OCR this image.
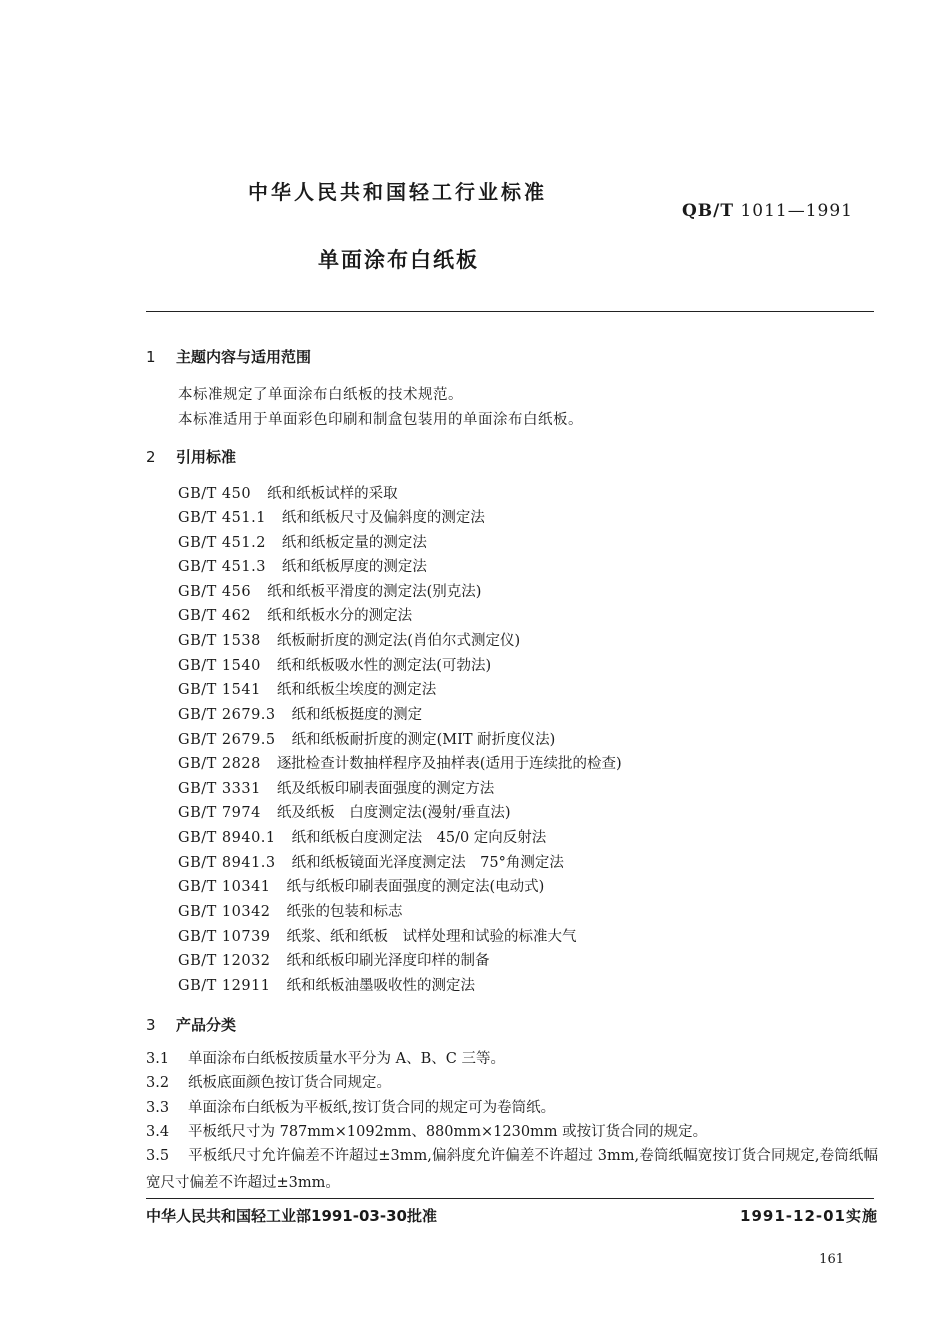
中华人民共和国轻工行业标准
QB/T 1011—1991
单面涂布白纸板
1 主题内容与适用范围
本标准规定了单面涂布白纸板的技术规范。
本标准适用于单面彩色印刷和制盒包装用的单面涂布白纸板。
2 引用标准
GB/T 450 纸和纸板试样的采取
GB/T 451.1 纸和纸板尺寸及偏斜度的测定法
GB/T 451.2 纸和纸板定量的测定法
GB/T 451.3 纸和纸板厚度的测定法
GB/T 456 纸和纸板平滑度的测定法(别克法)
GB/T 462 纸和纸板水分的测定法
GB/T 1538 纸板耐折度的测定法(肖伯尔式测定仪)
GB/T 1540 纸和纸板吸水性的测定法(可勃法)
GB/T 1541 纸和纸板尘埃度的测定法
GB/T 2679.3 纸和纸板挺度的测定
GB/T 2679.5 纸和纸板耐折度的测定(MIT 耐折度仪法)
GB/T 2828 逐批检查计数抽样程序及抽样表(适用于连续批的检查)
GB/T 3331 纸及纸板印刷表面强度的测定方法
GB/T 7974 纸及纸板　白度测定法(漫射/垂直法)
GB/T 8940.1 纸和纸板白度测定法　45/0 定向反射法
GB/T 8941.3 纸和纸板镜面光泽度测定法　75°角测定法
GB/T 10341 纸与纸板印刷表面强度的测定法(电动式)
GB/T 10342 纸张的包装和标志
GB/T 10739 纸浆、纸和纸板　试样处理和试验的标准大气
GB/T 12032 纸和纸板印刷光泽度印样的制备
GB/T 12911 纸和纸板油墨吸收性的测定法
3 产品分类
3.1 单面涂布白纸板按质量水平分为 A、B、C 三等。
3.2 纸板底面颜色按订货合同规定。
3.3 单面涂布白纸板为平板纸,按订货合同的规定可为卷筒纸。
3.4 平板纸尺寸为 787mm×1092mm、880mm×1230mm 或按订货合同的规定。
3.5 平板纸尺寸允许偏差不许超过±3mm,偏斜度允许偏差不许超过 3mm,卷筒纸幅宽按订货合同规定,卷筒纸幅宽尺寸偏差不许超过±3mm。
中华人民共和国轻工业部1991-03-30批准	1991-12-01实施
161
